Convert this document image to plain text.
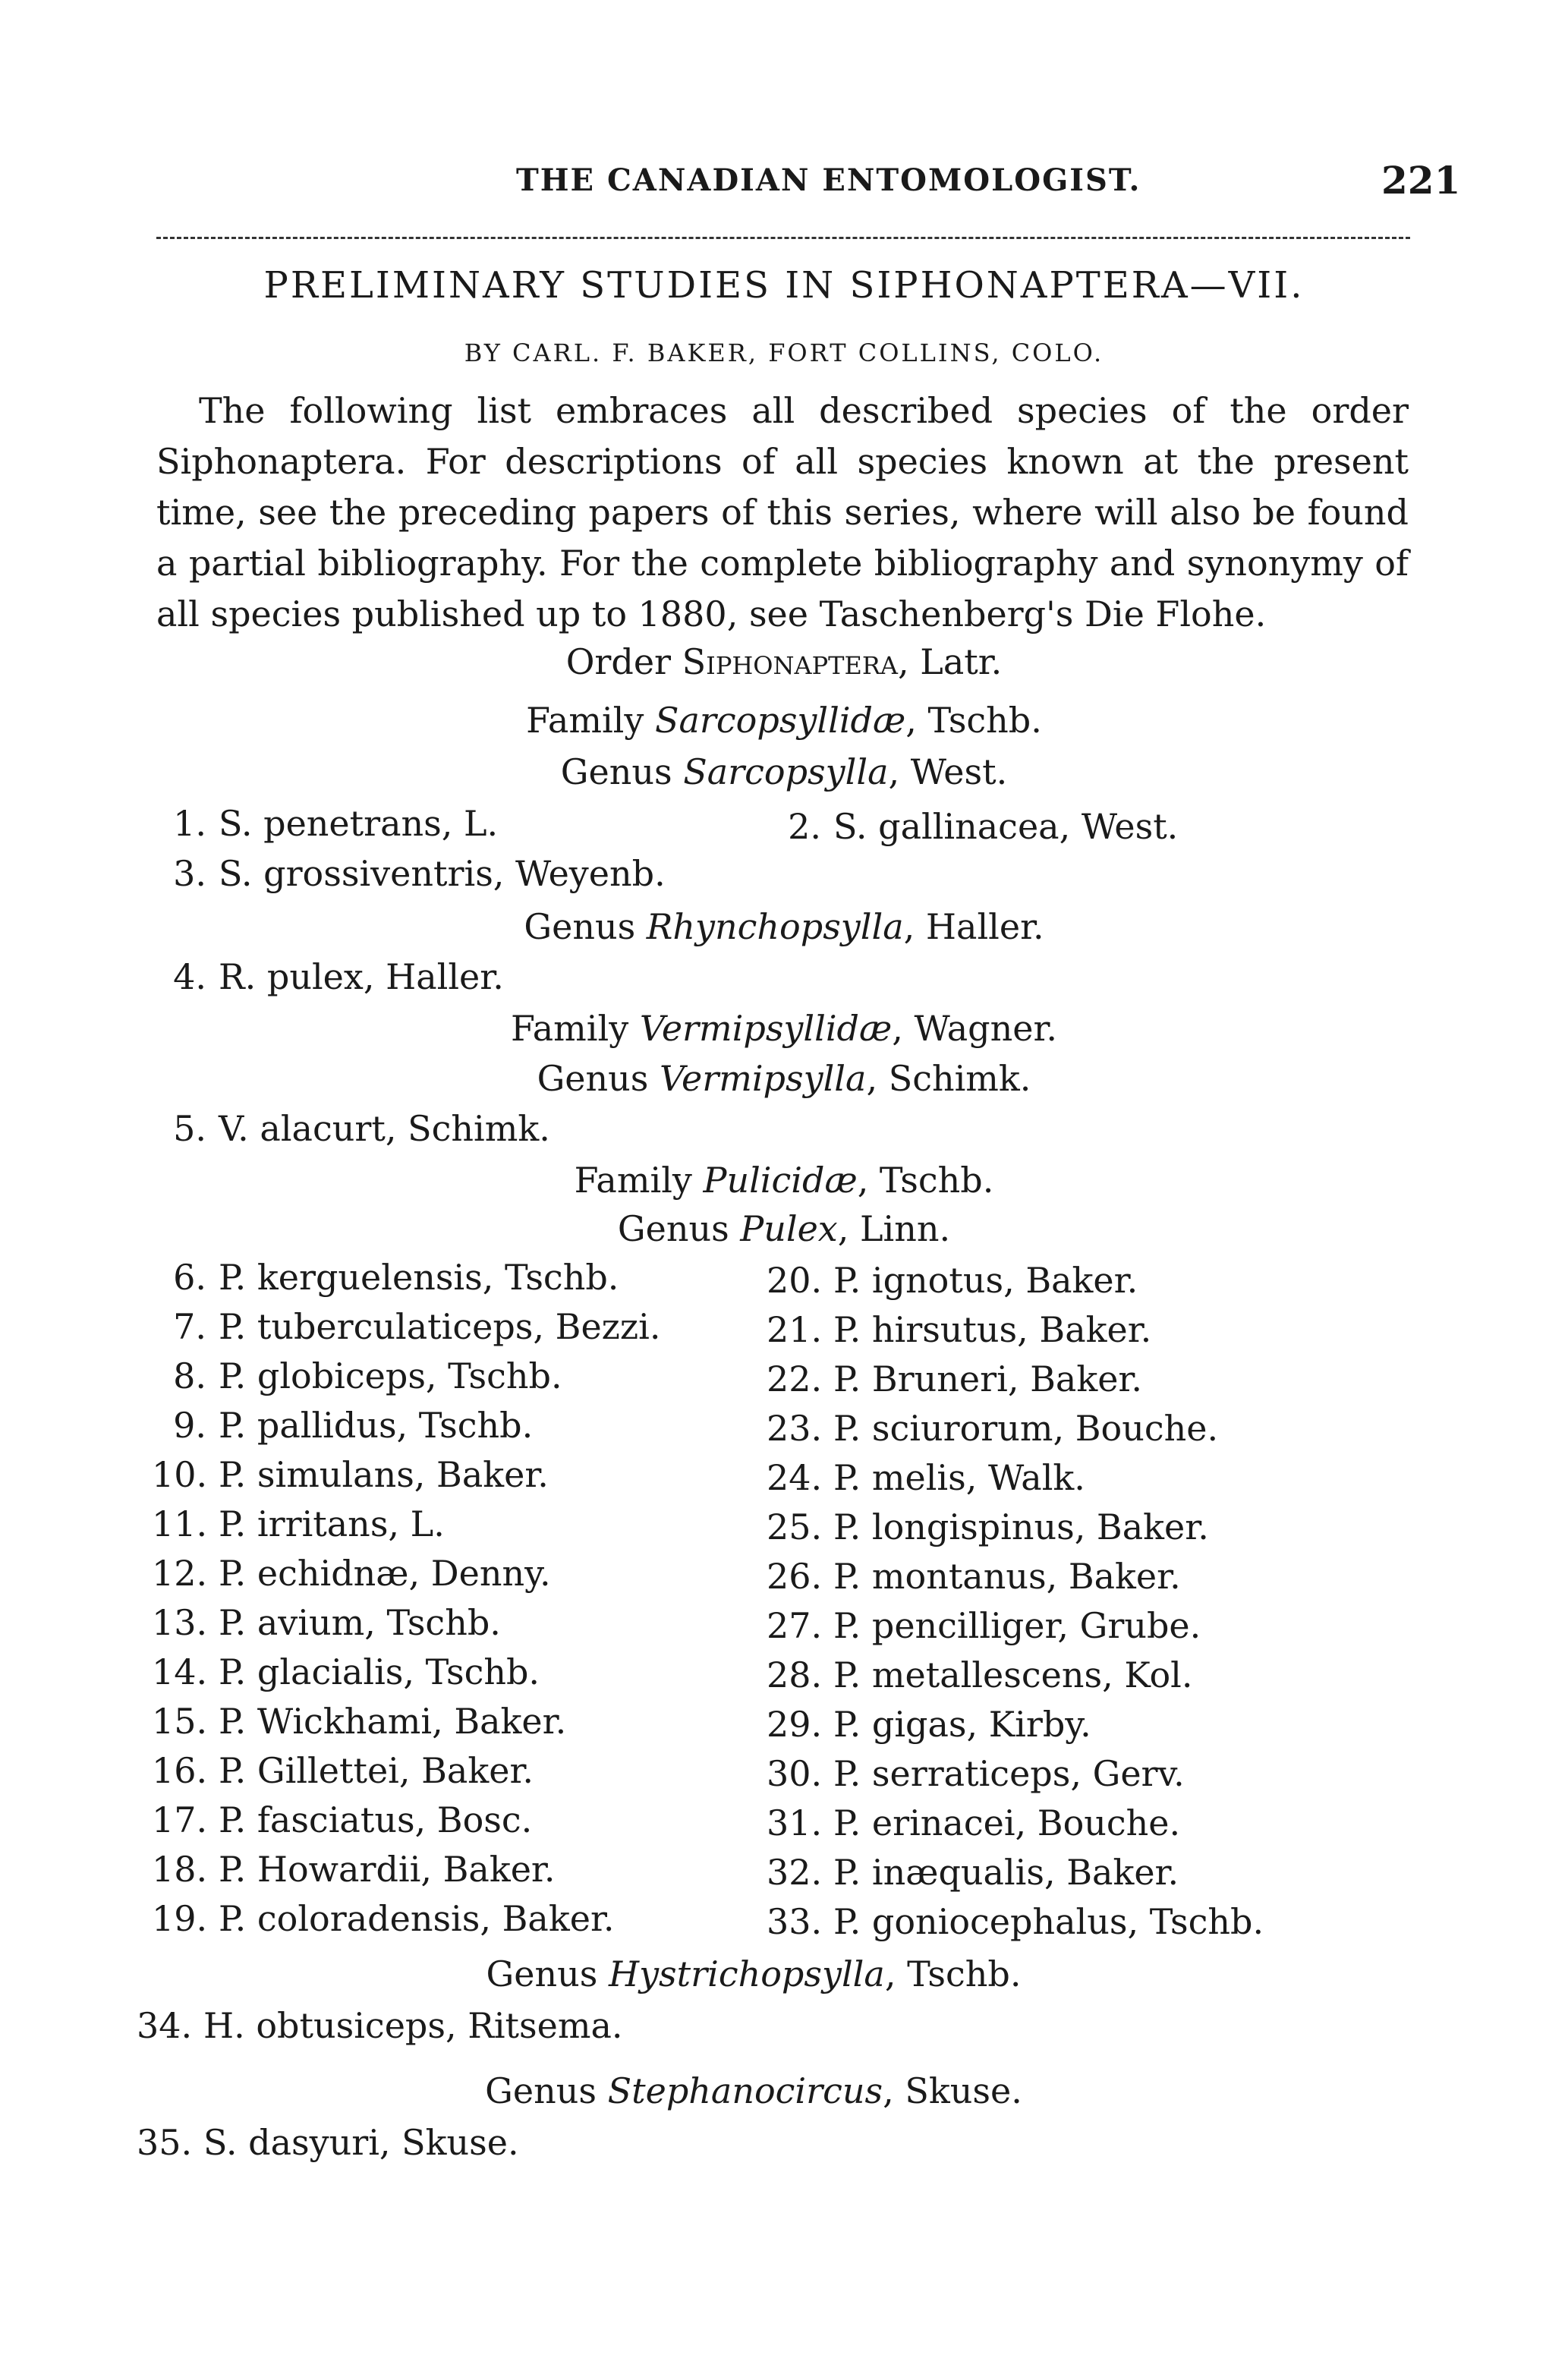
THE CANADIAN ENTOMOLOGIST.	221
PRELIMINARY STUDIES IN SIPHONAPTERA—VII.
BY CARL. F. BAKER, FORT COLLINS, COLO.

The following list embraces all described species of the order Siphonaptera. For descriptions of all species known at the present time, see the preceding papers of this series, where will also be found a partial bibliography. For the complete bibliography and synonymy of all species published up to 1880, see Taschenberg's Die Flohe.

Order Siphonaptera, Latr.
Family Sarcopsyllidæ, Tschb.
Genus Sarcopsylla, West.
1. S. penetrans, L.	2. S. gallinacea, West.
3. S. grossiventris, Weyenb.
Genus Rhynchopsylla, Haller.
4. R. pulex, Haller.
Family Vermipsyllidæ, Wagner.
Genus Vermipsylla, Schimk.
5. V. alacurt, Schimk.
Family Pulicidæ, Tschb.
Genus Pulex, Linn.
6. P. kerguelensis, Tschb.
7. P. tuberculaticeps, Bezzi.
8. P. globiceps, Tschb.
9. P. pallidus, Tschb.
10. P. simulans, Baker.
11. P. irritans, L.
12. P. echidnæ, Denny.
13. P. avium, Tschb.
14. P. glacialis, Tschb.
15. P. Wickhami, Baker.
16. P. Gillettei, Baker.
17. P. fasciatus, Bosc.
18. P. Howardii, Baker.
19. P. coloradensis, Baker.
20. P. ignotus, Baker.
21. P. hirsutus, Baker.
22. P. Bruneri, Baker.
23. P. sciurorum, Bouche.
24. P. melis, Walk.
25. P. longispinus, Baker.
26. P. montanus, Baker.
27. P. pencilliger, Grube.
28. P. metallescens, Kol.
29. P. gigas, Kirby.
30. P. serraticeps, Gerv.
31. P. erinacei, Bouche.
32. P. inæqualis, Baker.
33. P. goniocephalus, Tschb.
Genus Hystrichopsylla, Tschb.
34. H. obtusiceps, Ritsema.
Genus Stephanocircus, Skuse.
35. S. dasyuri, Skuse.
